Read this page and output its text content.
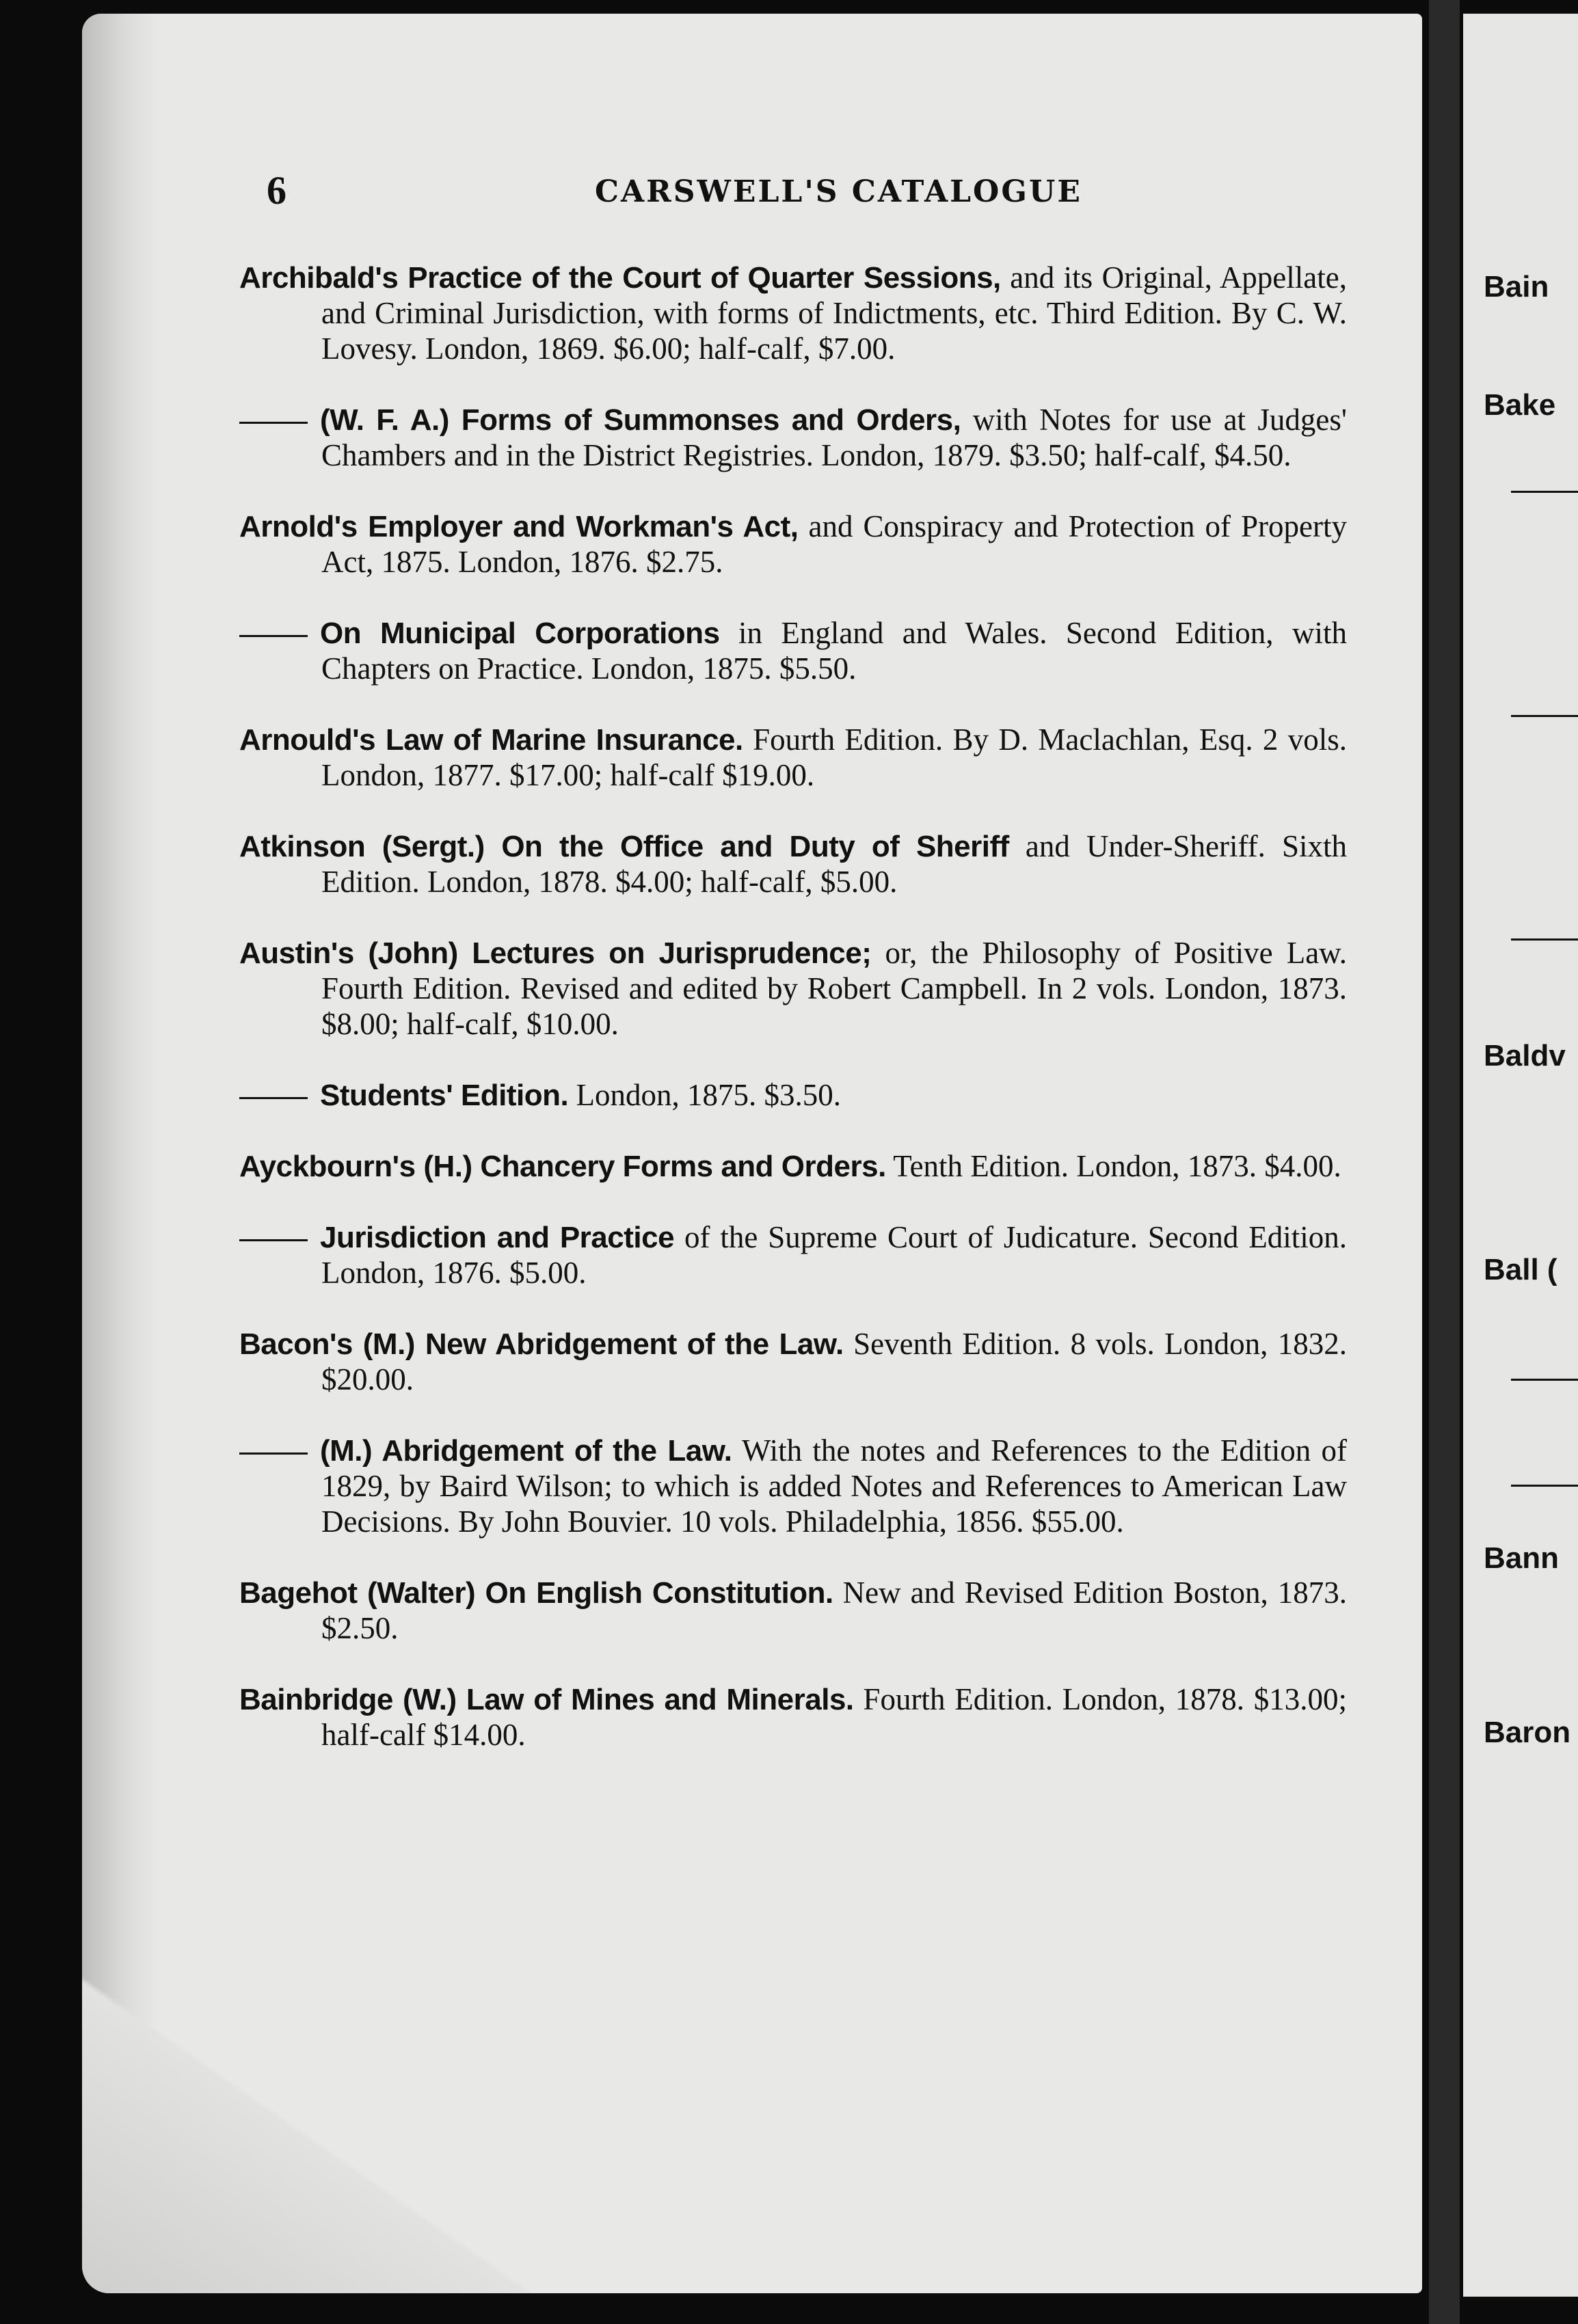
Bain
Bake
Baldv
Ball (
Bann
Baron
6	CARSWELL'S CATALOGUE
Archibald's Practice of the Court of Quarter Sessions, and its Original, Appellate, and Criminal Jurisdiction, with forms of Indictments, etc. Third Edition. By C. W. Lovesy. London, 1869. $6.00; half-calf, $7.00.
(W. F. A.) Forms of Summonses and Orders, with Notes for use at Judges' Chambers and in the District Registries. London, 1879. $3.50; half-calf, $4.50.
Arnold's Employer and Workman's Act, and Conspiracy and Protection of Property Act, 1875. London, 1876. $2.75.
On Municipal Corporations in England and Wales. Second Edition, with Chapters on Practice. London, 1875. $5.50.
Arnould's Law of Marine Insurance. Fourth Edition. By D. Maclachlan, Esq. 2 vols. London, 1877. $17.00; half-calf $19.00.
Atkinson (Sergt.) On the Office and Duty of Sheriff and Under-Sheriff. Sixth Edition. London, 1878. $4.00; half-calf, $5.00.
Austin's (John) Lectures on Jurisprudence; or, the Philosophy of Positive Law. Fourth Edition. Revised and edited by Robert Campbell. In 2 vols. London, 1873. $8.00; half-calf, $10.00.
Students' Edition. London, 1875. $3.50.
Ayckbourn's (H.) Chancery Forms and Orders. Tenth Edition. London, 1873. $4.00.
Jurisdiction and Practice of the Supreme Court of Judicature. Second Edition. London, 1876. $5.00.
Bacon's (M.) New Abridgement of the Law. Seventh Edition. 8 vols. London, 1832. $20.00.
(M.) Abridgement of the Law. With the notes and References to the Edition of 1829, by Baird Wilson; to which is added Notes and References to American Law Decisions. By John Bouvier. 10 vols. Philadelphia, 1856. $55.00.
Bagehot (Walter) On English Constitution. New and Revised Edition Boston, 1873. $2.50.
Bainbridge (W.) Law of Mines and Minerals. Fourth Edition. London, 1878. $13.00; half-calf $14.00.
